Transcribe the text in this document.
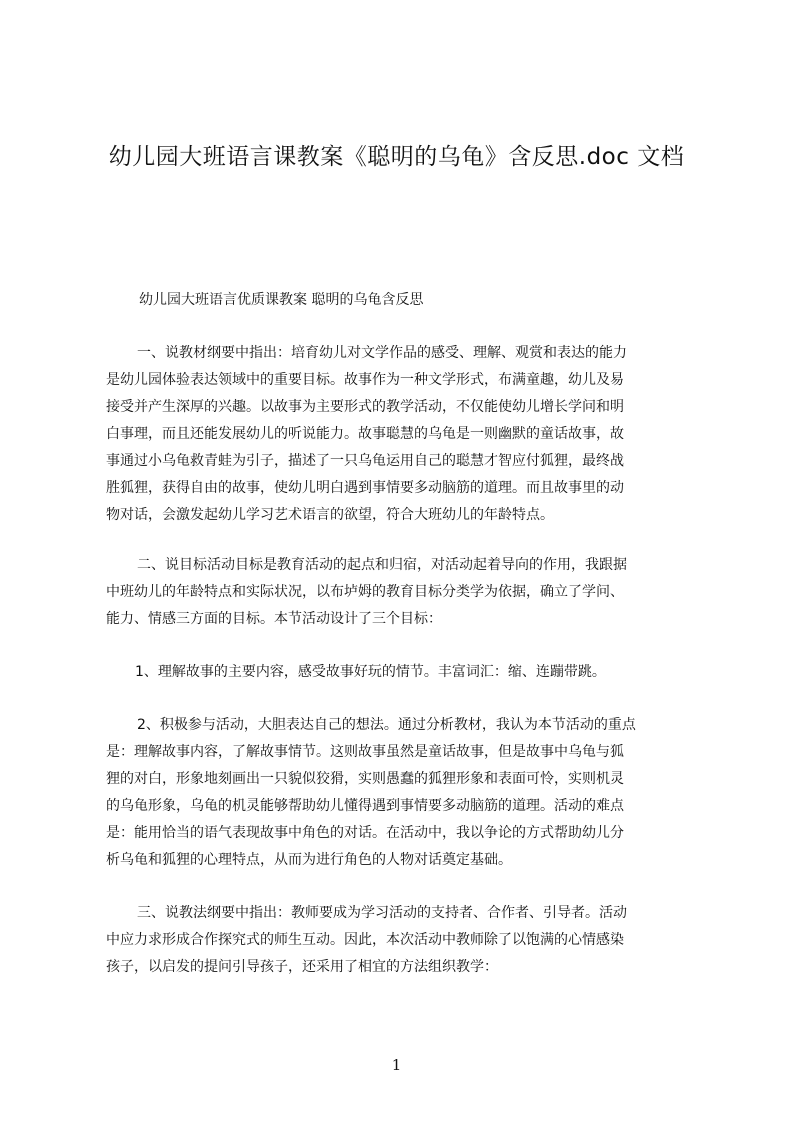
幼儿园大班语言课教案《聪明的乌龟》含反思.doc 文档
幼儿园大班语言优质课教案 聪明的乌龟含反思
一、说教材纲要中指出：培育幼儿对文学作品的感受、理解、观赏和表达的能力
是幼儿园体验表达领域中的重要目标。故事作为一种文学形式，布满童趣，幼儿及易
接受并产生深厚的兴趣。以故事为主要形式的教学活动，不仅能使幼儿增长学问和明
白事理，而且还能发展幼儿的听说能力。故事聪慧的乌龟是一则幽默的童话故事，故
事通过小乌龟救青蛙为引子，描述了一只乌龟运用自己的聪慧才智应付狐狸，最终战
胜狐狸，获得自由的故事，使幼儿明白遇到事情要多动脑筋的道理。而且故事里的动
物对话，会激发起幼儿学习艺术语言的欲望，符合大班幼儿的年龄特点。
二、说目标活动目标是教育活动的起点和归宿，对活动起着导向的作用，我跟据
中班幼儿的年龄特点和实际状况，以布垆姆的教育目标分类学为依据，确立了学问、
能力、情感三方面的目标。本节活动设计了三个目标：
1、理解故事的主要内容，感受故事好玩的情节。丰富词汇：缩、连蹦带跳。
2、积极参与活动，大胆表达自己的想法。通过分析教材，我认为本节活动的重点
是：理解故事内容，了解故事情节。这则故事虽然是童话故事，但是故事中乌龟与狐
狸的对白，形象地刻画出一只貌似狡猾，实则愚蠢的狐狸形象和表面可怜，实则机灵
的乌龟形象，乌龟的机灵能够帮助幼儿懂得遇到事情要多动脑筋的道理。活动的难点
是：能用恰当的语气表现故事中角色的对话。在活动中，我以争论的方式帮助幼儿分
析乌龟和狐狸的心理特点，从而为进行角色的人物对话奠定基础。
三、说教法纲要中指出：教师要成为学习活动的支持者、合作者、引导者。活动
中应力求形成合作探究式的师生互动。因此，本次活动中教师除了以饱满的心情感染
孩子，以启发的提问引导孩子，还采用了相宜的方法组织教学：
1
